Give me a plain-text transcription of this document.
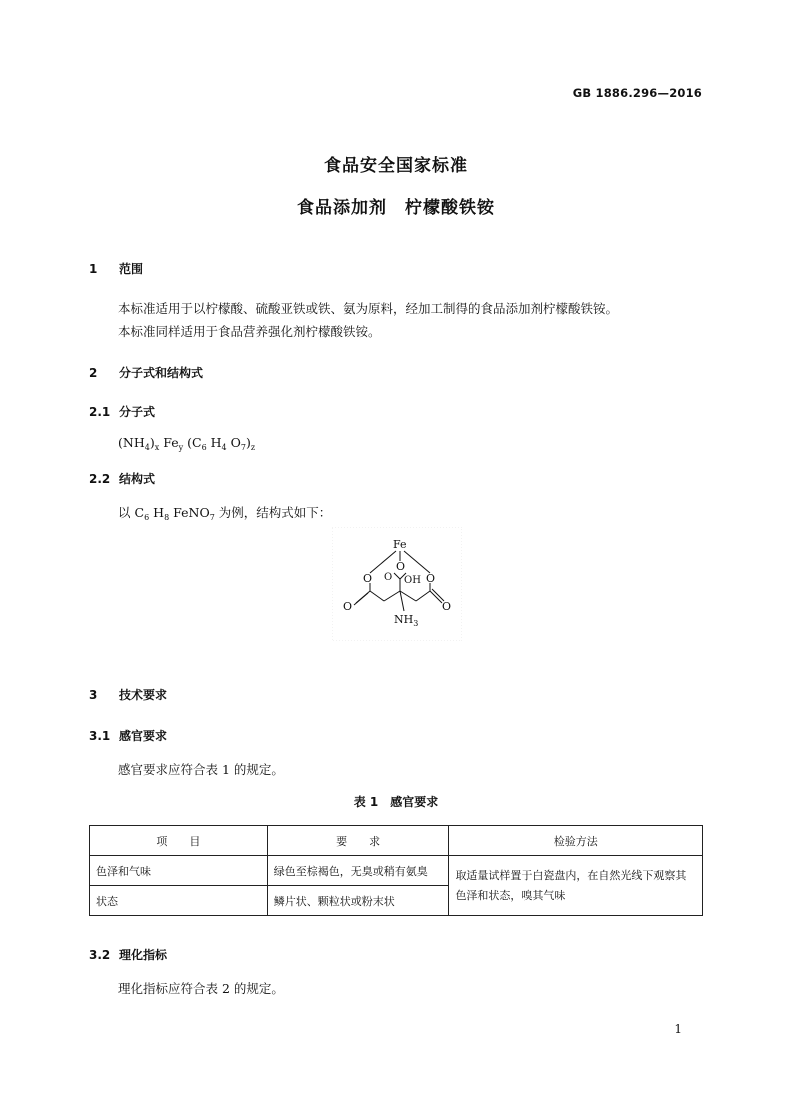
GB 1886.296—2016
食品安全国家标准
食品添加剂　柠檬酸铁铵
1 范围
本标准适用于以柠檬酸、硫酸亚铁或铁、氨为原料，经加工制得的食品添加剂柠檬酸铁铵。
本标准同样适用于食品营养强化剂柠檬酸铁铵。
2 分子式和结构式
2.1 分子式
$(NH_4)_x$ $Fe_y$ ($C_6$ $H_4$ $O_7)_z$
2.2 结构式
以 $C_6$ $H_8$ FeNO$_7$ 为例，结构式如下：
Fe
O
O	O
O OH
O	O
$NH_3$
3 技术要求
3.1 感官要求
感官要求应符合表 1 的规定。
表 1　感官要求
项　　目	要　　求	检验方法
色泽和气味	绿色至棕褐色，无臭或稍有氨臭	取适量试样置于白瓷盘内，在自然光线下观察其色泽和状态，嗅其气味
状态	鳞片状、颗粒状或粉末状	
3.2 理化指标
理化指标应符合表 2 的规定。
1
